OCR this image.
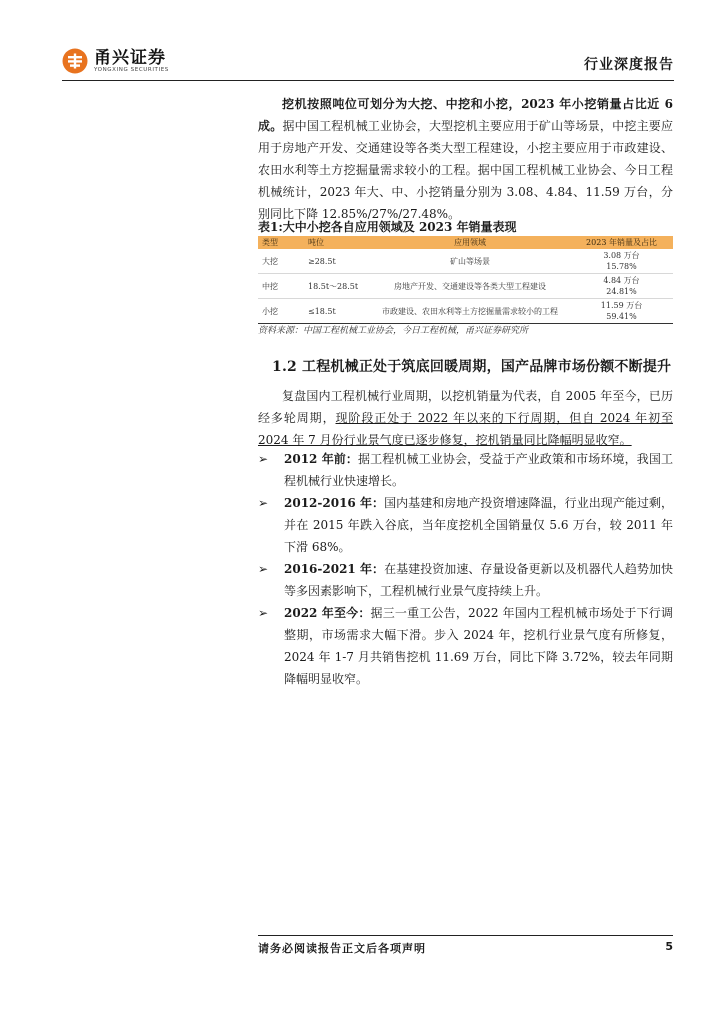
甬兴证券
YONGXING SECURITIES	行业深度报告
挖机按照吨位可划分为大挖、中挖和小挖，2023 年小挖销量占比近 6 成。据中国工程机械工业协会，大型挖机主要应用于矿山等场景，中挖主要应用于房地产开发、交通建设等各类大型工程建设，小挖主要应用于市政建设、农田水利等土方挖掘量需求较小的工程。据中国工程机械工业协会、今日工程机械统计，2023 年大、中、小挖销量分别为 3.08、4.84、11.59 万台，分别同比下降 12.85%/27%/27.48%。
表1:大中小挖各自应用领域及 2023 年销量表现
类型	吨位	应用领域	2023 年销量及占比
大挖	≥28.5t	矿山等场景	3.08 万台
15.78%

中挖	18.5t～28.5t	房地产开发、交通建设等各类大型工程建设	4.84 万台
24.81%

小挖	≤18.5t	市政建设、农田水利等土方挖掘量需求较小的工程	11.59 万台
59.41%
资料来源：中国工程机械工业协会，今日工程机械，甬兴证券研究所
1.2 工程机械正处于筑底回暖周期，国产品牌市场份额不断提升
复盘国内工程机械行业周期，以挖机销量为代表，自 2005 年至今，已历经多轮周期，现阶段正处于 2022 年以来的下行周期，但自 2024 年初至 2024 年 7 月份行业景气度已逐步修复，挖机销量同比降幅明显收窄。
➢ 2012 年前：据工程机械工业协会，受益于产业政策和市场环境，我国工程机械行业快速增长。
➢ 2012-2016 年：国内基建和房地产投资增速降温，行业出现产能过剩，并在 2015 年跌入谷底，当年度挖机全国销量仅 5.6 万台，较 2011 年下滑 68%。
➢ 2016-2021 年：在基建投资加速、存量设备更新以及机器代人趋势加快等多因素影响下，工程机械行业景气度持续上升。
➢ 2022 年至今：据三一重工公告，2022 年国内工程机械市场处于下行调整期，市场需求大幅下滑。步入 2024 年，挖机行业景气度有所修复，2024 年 1-7 月共销售挖机 11.69 万台，同比下降 3.72%，较去年同期降幅明显收窄。
请务必阅读报告正文后各项声明	5
